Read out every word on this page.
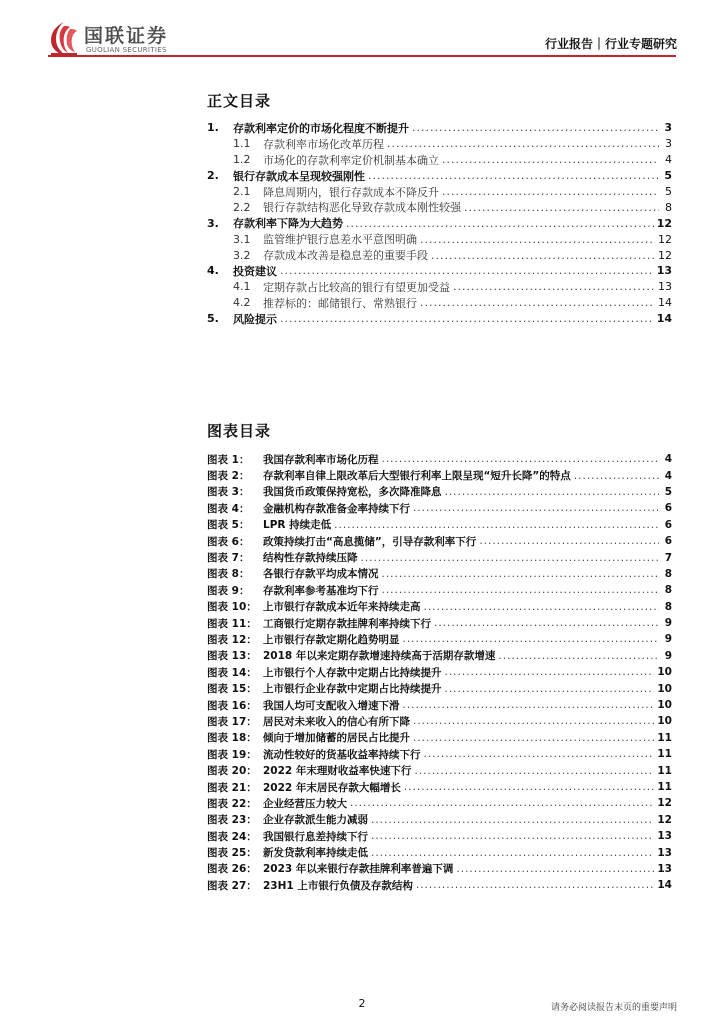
国联证券
GUOLIAN SECURITIES	行业报告｜行业专题研究
正文目录
1.	存款利率定价的市场化程度不断提升 .....	3
1.1	存款利率市场化改革历程 .....	3
1.2	市场化的存款利率定价机制基本确立 .....	4
2.	银行存款成本呈现较强刚性 .....	5
2.1	降息周期内，银行存款成本不降反升 .....	5
2.2	银行存款结构恶化导致存款成本刚性较强 .....	8
3.	存款利率下降为大趋势 .....	12
3.1	监管维护银行息差水平意图明确 .....	12
3.2	存款成本改善是稳息差的重要手段 .....	12
4.	投资建议 .....	13
4.1	定期存款占比较高的银行有望更加受益 .....	13
4.2	推荐标的：邮储银行、常熟银行 .....	14
5.	风险提示 .....	14
图表目录
图表 1：	我国存款利率市场化历程 .....	4
图表 2：	存款利率自律上限改革后大型银行利率上限呈现“短升长降”的特点 .....	4
图表 3：	我国货币政策保持宽松，多次降准降息 .....	5
图表 4：	金融机构存款准备金率持续下行 .....	6
图表 5：	LPR 持续走低 .....	6
图表 6：	政策持续打击“高息揽储”，引导存款利率下行 .....	6
图表 7：	结构性存款持续压降 .....	7
图表 8：	各银行存款平均成本情况 .....	8
图表 9：	存款利率参考基准均下行 .....	8
图表 10： 上市银行存款成本近年来持续走高 .....	8
图表 11： 工商银行定期存款挂牌利率持续下行 .....	9
图表 12： 上市银行存款定期化趋势明显 .....	9
图表 13： 2018 年以来定期存款增速持续高于活期存款增速 .....	9
图表 14： 上市银行个人存款中定期占比持续提升 .....	10
图表 15： 上市银行企业存款中定期占比持续提升 .....	10
图表 16： 我国人均可支配收入增速下滑 .....	10
图表 17： 居民对未来收入的信心有所下降 .....	10
图表 18： 倾向于增加储蓄的居民占比提升 .....	11
图表 19： 流动性较好的货基收益率持续下行 .....	11
图表 20： 2022 年末理财收益率快速下行 .....	11
图表 21： 2022 年末居民存款大幅增长 .....	11
图表 22： 企业经营压力较大 .....	12
图表 23： 企业存款派生能力减弱 .....	12
图表 24： 我国银行息差持续下行 .....	13
图表 25： 新发贷款利率持续走低 .....	13
图表 26： 2023 年以来银行存款挂牌利率普遍下调 .....	13
图表 27： 23H1 上市银行负债及存款结构 .....	14
2	请务必阅读报告末页的重要声明
